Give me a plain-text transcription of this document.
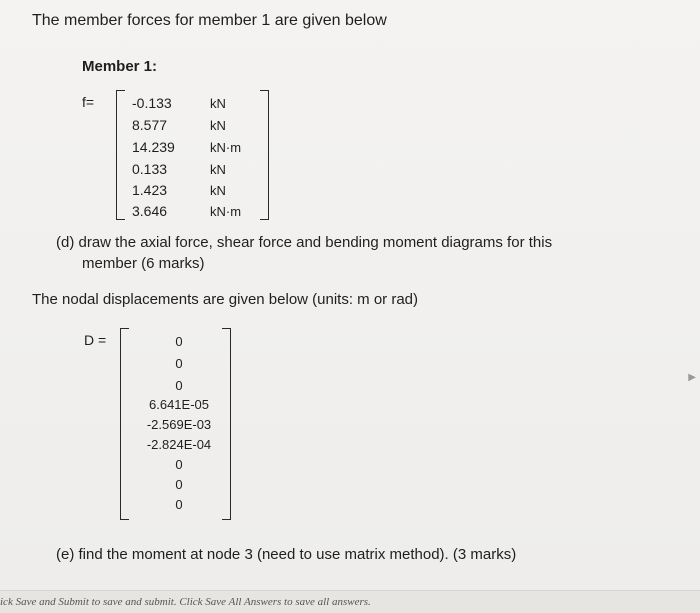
The member forces for member 1 are given below
Member 1:
f=	-0.133	kN
8.577	kN
14.239	kN·m
0.133	kN
1.423	kN
3.646	kN·m
(d) draw the axial force, shear force and bending moment diagrams for this
member (6 marks)
The nodal displacements are given below (units: m or rad)
D =	0
0
0
6.641E-05
-2.569E-03
-2.824E-04
0
0
0
(e) find the moment at node 3 (need to use matrix method). (3 marks)
▶
ick Save and Submit to save and submit. Click Save All Answers to save all answers.
